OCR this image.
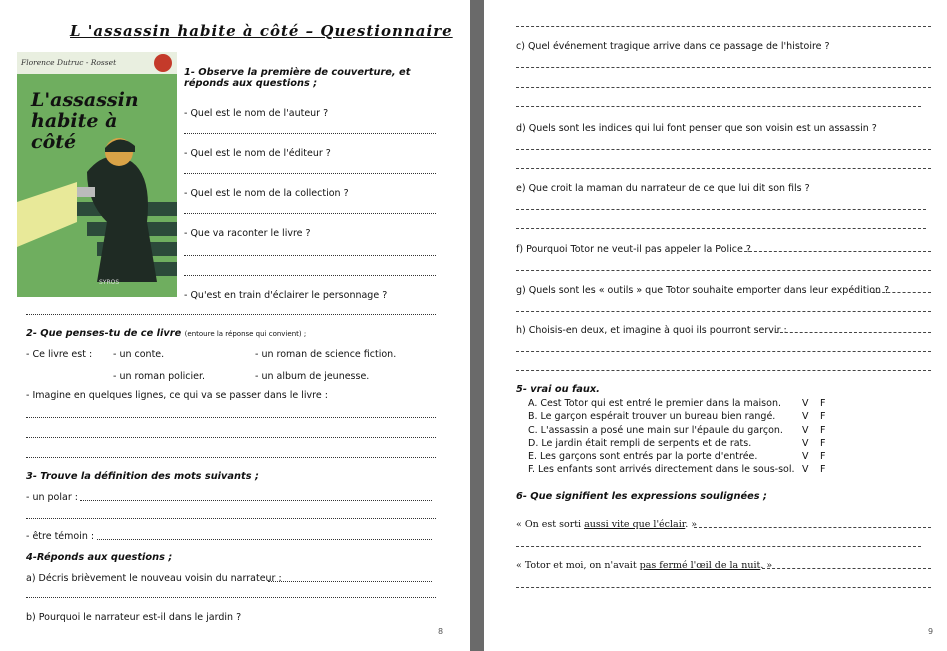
L 'assassin habite à côté – Questionnaire
Florence Dutruc - Rosset
L'assassin habite à côté
SYROS
1- Observe la première de couverture, et réponds aux questions ;
- Quel est le nom de l'auteur ?
- Quel est le nom de l'éditeur ?
- Quel est le nom de la collection ?
- Que va raconter le livre ?
- Qu'est en train d'éclairer le personnage ?
2- Que penses-tu de ce livre (entoure la réponse qui convient) ;
- Ce livre est : - un conte.	- un roman de science fiction.
- un roman policier.	- un album de jeunesse.
- Imagine en quelques lignes, ce qui va se passer dans le livre :
3- Trouve la définition des mots suivants ;
- un polar :
- être témoin :
4-Réponds aux questions ;
a) Décris brièvement le nouveau voisin du narrateur :
b) Pourquoi le narrateur est-il dans le jardin ?
8
c) Quel événement tragique arrive dans ce passage de l'histoire ?
d) Quels sont les indices qui lui font penser que son voisin est un assassin ?
e) Que croit la maman du narrateur de ce que lui dit son fils ?
f) Pourquoi Totor ne veut-il pas appeler la Police ?
g) Quels sont les « outils » que Totor souhaite emporter dans leur expédition ?
h) Choisis-en deux, et imagine à quoi ils pourront servir :
5- vrai ou faux.
A. Cest Totor qui est entré le premier dans la maison.
B. Le garçon espérait trouver un bureau bien rangé.
C. L'assassin a posé une main sur l'épaule du garçon.
D. Le jardin était rempli de serpents et de rats.
E. Les garçons sont entrés par la porte d'entrée.
F. Les enfants sont arrivés directement dans le sous-sol.
V F
V F
V F
V F
V F
V F
6- Que signifient les expressions soulignées ;
« On est sorti aussi vite que l'éclair. »
« Totor et moi, on n'avait pas fermé l'œil de la nuit. »
9
